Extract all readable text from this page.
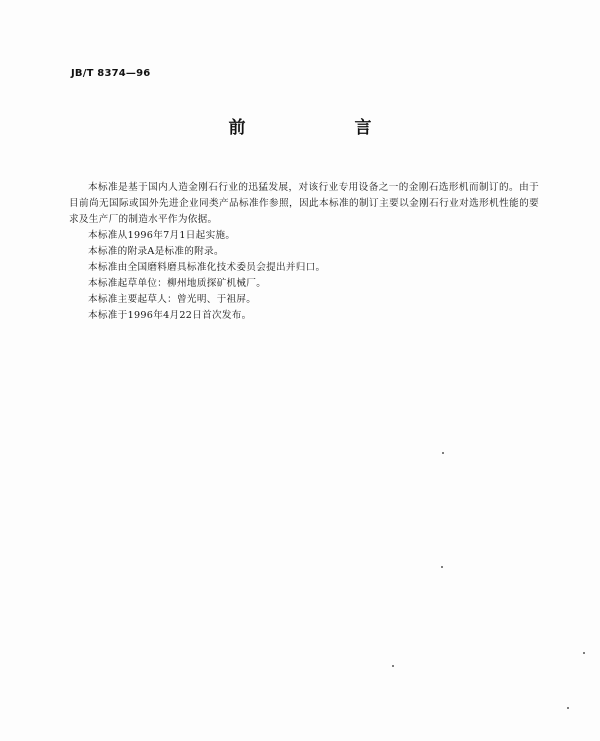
JB/T 8374—96
前　言

本标准是基于国内人造金刚石行业的迅猛发展，对该行业专用设备之一的金刚石选形机而制订的。由于目前尚无国际或国外先进企业同类产品标准作参照，因此本标准的制订主要以金刚石行业对选形机性能的要求及生产厂的制造水平作为依据。

本标准从1996年7月1日起实施。

本标准的附录A是标准的附录。

本标准由全国磨料磨具标准化技术委员会提出并归口。

本标准起草单位：柳州地质探矿机械厂。

本标准主要起草人：曾光明、于祖屏。

本标准于1996年4月22日首次发布。
